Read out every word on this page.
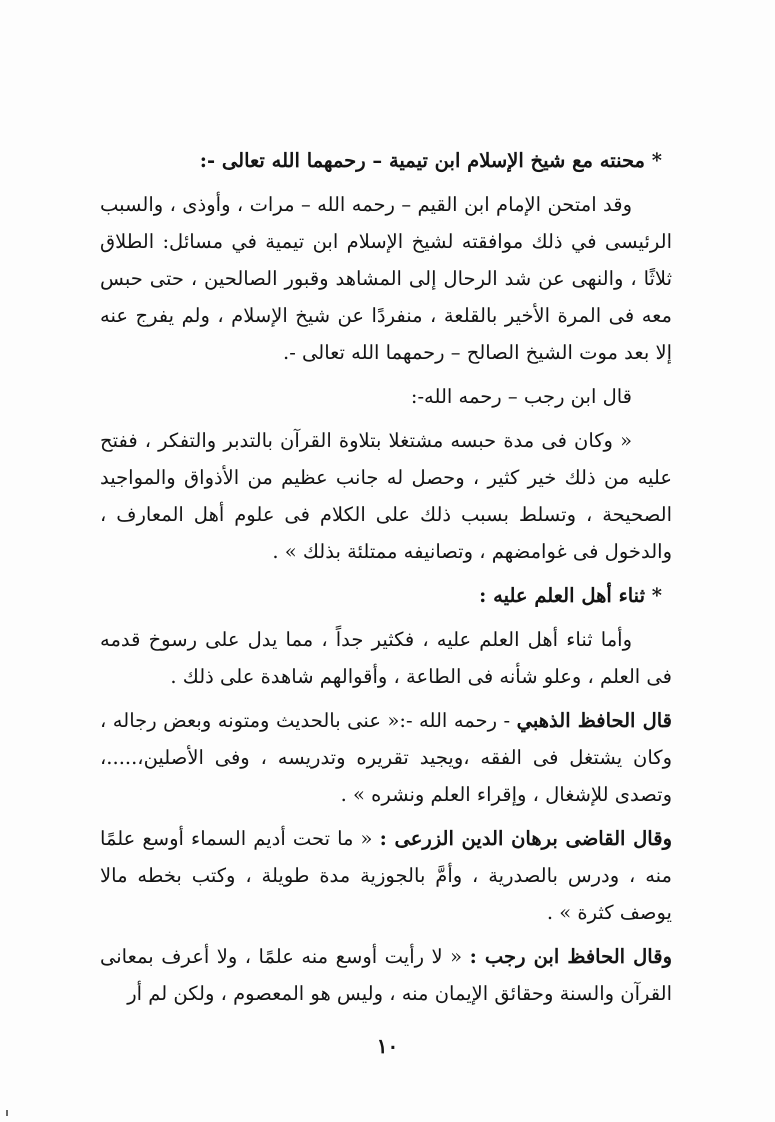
* محنته مع شيخ الإسلام ابن تيمية – رحمهما الله تعالى -:

وقد امتحن الإمام ابن القيم – رحمه الله – مرات ، وأوذى ، والسبب الرئيسى في ذلك موافقته لشيخ الإسلام ابن تيمية في مسائل: الطلاق ثلاثًا ، والنهى عن شد الرحال إلى المشاهد وقبور الصالحين ، حتى حبس معه فى المرة الأخير بالقلعة ، منفردًا عن شيخ الإسلام ، ولم يفرج عنه إلا بعد موت الشيخ الصالح – رحمهما الله تعالى -.

قال ابن رجب – رحمه الله-:

« وكان فى مدة حبسه مشتغلا بتلاوة القرآن بالتدبر والتفكر ، ففتح عليه من ذلك خير كثير ، وحصل له جانب عظيم من الأذواق والمواجيد الصحيحة ، وتسلط بسبب ذلك على الكلام فى علوم أهل المعارف ، والدخول فى غوامضهم ، وتصانيفه ممتلئة بذلك » .

* ثناء أهل العلم عليه :

وأما ثناء أهل العلم عليه ، فكثير جداً ، مما يدل على رسوخ قدمه فى العلم ، وعلو شأنه فى الطاعة ، وأقوالهم شاهدة على ذلك .

قال الحافظ الذهبي - رحمه الله -:« عنى بالحديث ومتونه وبعض رجاله ، وكان يشتغل فى الفقه ،ويجيد تقريره وتدريسه ، وفى الأصلين،.....، وتصدى للإشغال ، وإقراء العلم ونشره » .

وقال القاضى برهان الدين الزرعى : « ما تحت أديم السماء أوسع علمًا منه ، ودرس بالصدرية ، وأمَّ بالجوزية مدة طويلة ، وكتب بخطه مالا يوصف كثرة » .

وقال الحافظ ابن رجب : « لا رأيت أوسع منه علمًا ، ولا أعرف بمعانى القرآن والسنة وحقائق الإيمان منه ، وليس هو المعصوم ، ولكن لم أر

١٠
